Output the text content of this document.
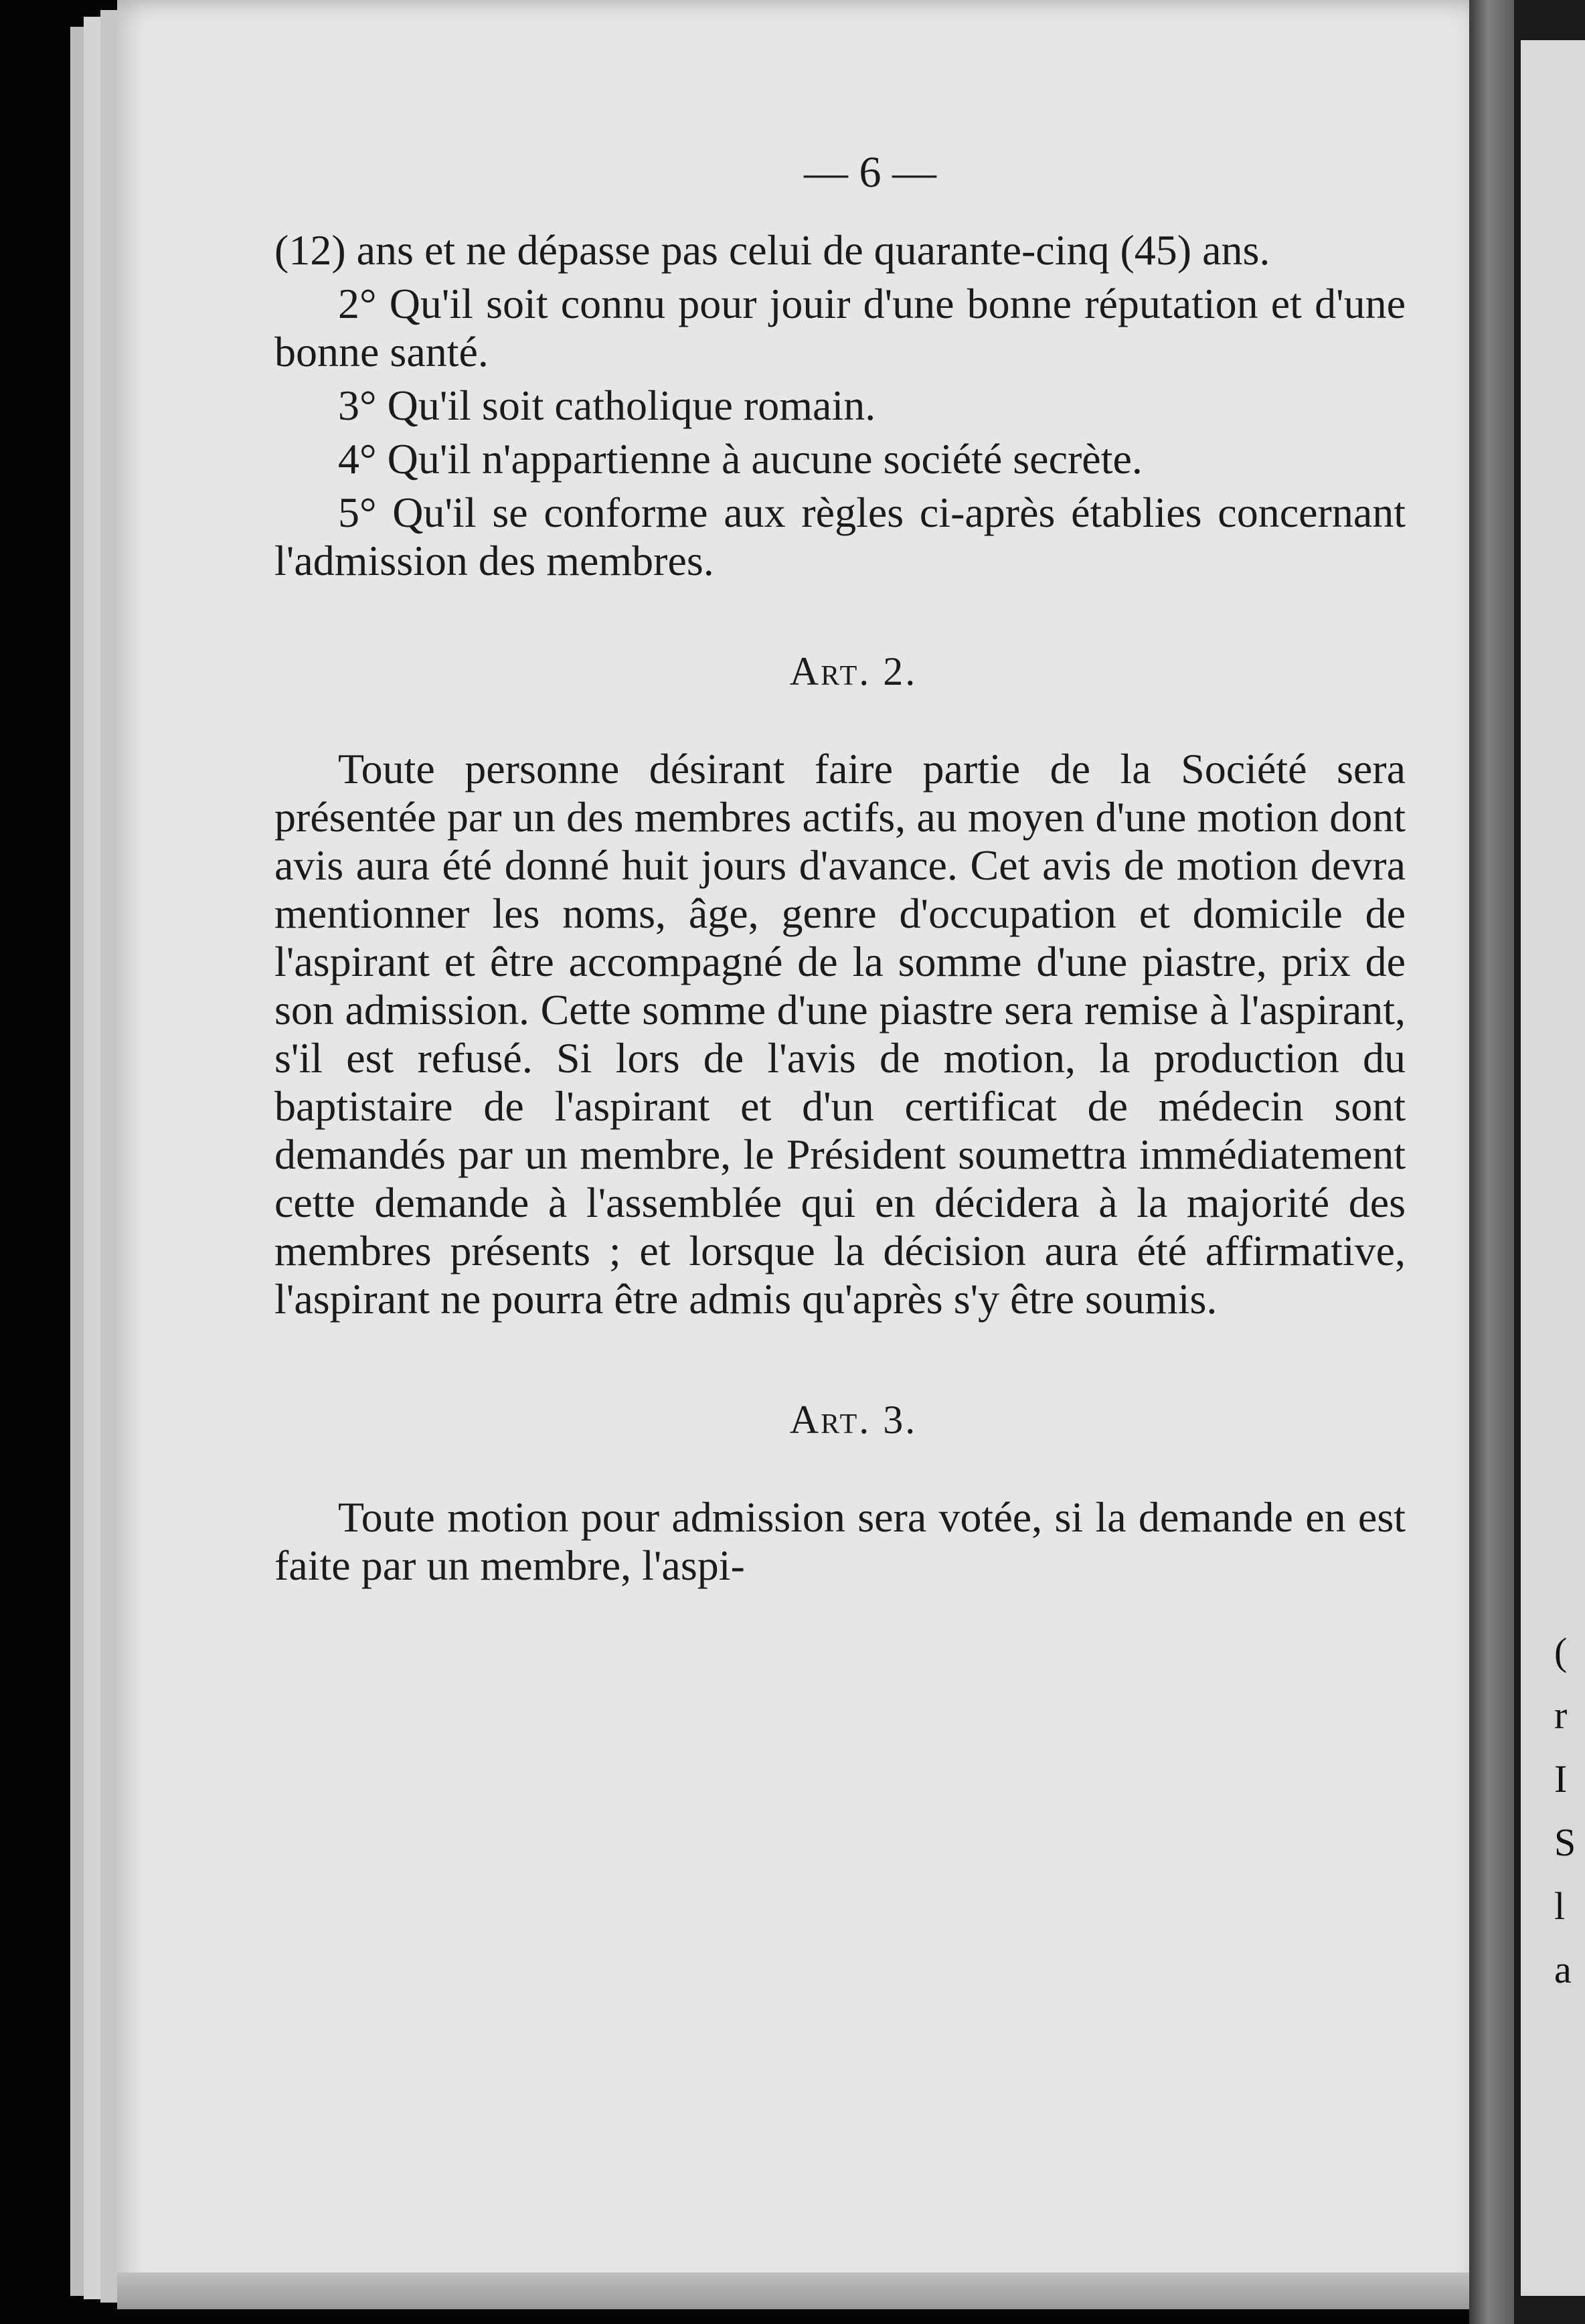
(
r
I
S
l
a
— 6 —

(12) ans et ne dépasse pas celui de quarante-cinq (45) ans.

2° Qu'il soit connu pour jouir d'une bonne réputation et d'une bonne santé.

3° Qu'il soit catholique romain.

4° Qu'il n'appartienne à aucune société secrète.

5° Qu'il se conforme aux règles ci-après établies concernant l'admission des membres.

Art. 2.

Toute personne désirant faire partie de la Société sera présentée par un des membres actifs, au moyen d'une motion dont avis aura été donné huit jours d'avance. Cet avis de motion devra mentionner les noms, âge, genre d'occupation et domicile de l'aspirant et être accompagné de la somme d'une piastre, prix de son admission. Cette somme d'une piastre sera remise à l'aspirant, s'il est refusé. Si lors de l'avis de motion, la production du baptistaire de l'aspirant et d'un certificat de médecin sont demandés par un membre, le Président soumettra immédiatement cette demande à l'assemblée qui en décidera à la majorité des membres présents ; et lorsque la décision aura été affirmative, l'aspirant ne pourra être admis qu'après s'y être soumis.

Art. 3.

Toute motion pour admission sera votée, si la demande en est faite par un membre, l'aspi-
